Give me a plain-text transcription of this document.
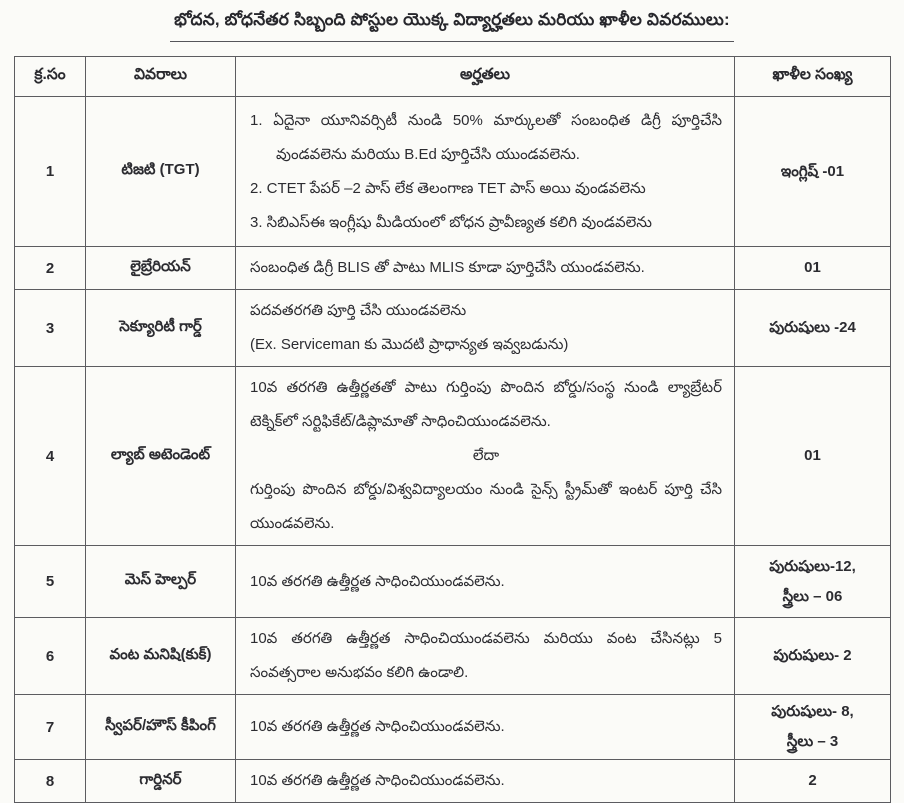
భోదన, బోధనేతర సిబ్బంది పోస్టుల యొక్క విద్యార్హతలు మరియు ఖాళీల వివరములు:
క్ర.సం	వివరాలు	అర్హతలు	ఖాళీల సంఖ్య
1	టిజటి (TGT)	1. ఏదైనా యూనివర్సిటీ నుండి 50% మార్కులతో సంబంధిత డిగ్రీ పూర్తిచేసి వుండవలెను మరియు B.Ed పూర్తిచేసి యుండవలెను.
2. CTET పేపర్ –2 పాస్ లేక తెలంగాణ TET పాస్ అయి వుండవలెను
3. సిబిఎస్ఈ ఇంగ్లీషు మీడియంలో బోధన ప్రావీణ్యత కలిగి వుండవలెను	ఇంగ్లిష్ -01

2	లైబ్రేరియన్	సంబంధిత డిగ్రీ BLIS తో పాటు MLIS కూడా పూర్తిచేసి యుండవలెను.	01

3	సెక్యూరిటీ గార్డ్	పదవతరగతి పూర్తి చేసి యుండవలెను
(Ex. Serviceman కు మొదటి ప్రాధాన్యత ఇవ్వబడును)	పురుషులు -24

4	ల్యాబ్ అటెండెంట్	10వ తరగతి ఉత్తీర్ణతతో పాటు గుర్తింపు పొందిన బోర్డు/సంస్థ నుండి ల్యాబ్రేటర్ టెక్నిక్‌లో సర్టిఫికేట్/డిప్లామాతో సాధించియుండవలెను.
లేదా
గుర్తింపు పొందిన బోర్డు/విశ్వవిద్యాలయం నుండి సైన్స్ స్ట్రీమ్‌తో ఇంటర్ పూర్తి చేసి యుండవలెను.	01

5	మెస్ హెల్పర్	10వ తరగతి ఉత్తీర్ణత సాధించియుండవలెను.	పురుషులు-12,
స్త్రీలు – 06

6	వంట మనిషి(కుక్)	10వ తరగతి ఉత్తీర్ణత సాధించియుండవలెను మరియు వంట చేసినట్లు 5 సంవత్సరాల అనుభవం కలిగి ఉండాలి.	పురుషులు- 2

7	స్వీపర్/హౌస్ కీపింగ్	10వ తరగతి ఉత్తీర్ణత సాధించియుండవలెను.	పురుషులు- 8,
స్త్రీలు – 3

8	గార్డినర్	10వ తరగతి ఉత్తీర్ణత సాధించియుండవలెను.	2
